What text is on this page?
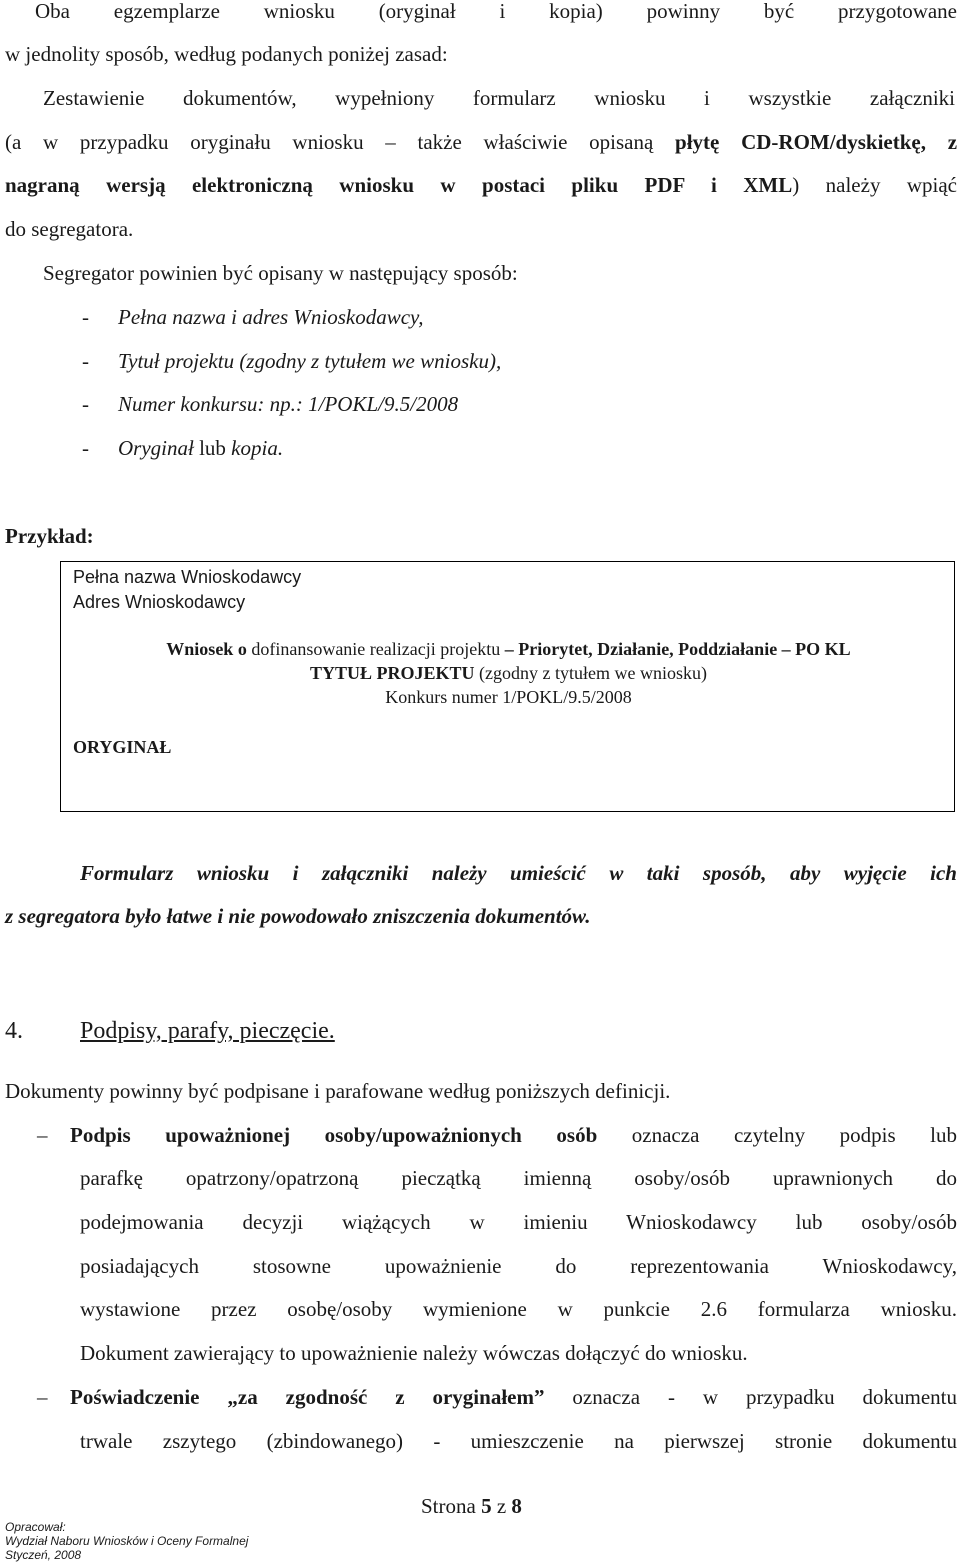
Oba egzemplarze wniosku (oryginał i kopia) powinny być przygotowane
w jednolity sposób, według podanych poniżej zasad:
Zestawienie dokumentów, wypełniony formularz wniosku i wszystkie załączniki
(a w przypadku oryginału wniosku – także właściwie opisaną płytę CD-ROM/dyskietkę, z
nagraną wersją elektroniczną wniosku w postaci pliku PDF i XML) należy wpiąć
do segregatora.
Segregator powinien być opisany w następujący sposób:
- Pełna nazwa i adres Wnioskodawcy,
- Tytuł projektu (zgodny z tytułem we wniosku),
- Numer konkursu: np.: 1/POKL/9.5/2008
- Oryginał lub kopia.
Przykład:
Pełna nazwa Wnioskodawcy
Adres Wnioskodawcy
Wniosek o dofinansowanie realizacji projektu – Priorytet, Działanie, Poddziałanie – PO KL
TYTUŁ PROJEKTU (zgodny z tytułem we wniosku)
Konkurs numer 1/POKL/9.5/2008
ORYGINAŁ
Formularz wniosku i załączniki należy umieścić w taki sposób, aby wyjęcie ich
z segregatora było łatwe i nie powodowało zniszczenia dokumentów.
4. Podpisy, parafy, pieczęcie.
Dokumenty powinny być podpisane i parafowane według poniższych definicji.
– Podpis upoważnionej osoby/upoważnionych osób oznacza czytelny podpis lub
parafkę opatrzony/opatrzoną pieczątką imienną osoby/osób uprawnionych do
podejmowania decyzji wiążących w imieniu Wnioskodawcy lub osoby/osób
posiadających stosowne upoważnienie do reprezentowania Wnioskodawcy,
wystawione przez osobę/osoby wymienione w punkcie 2.6 formularza wniosku.
Dokument zawierający to upoważnienie należy wówczas dołączyć do wniosku.
– Poświadczenie „za zgodność z oryginałem” oznacza - w przypadku dokumentu
trwale zszytego (zbindowanego) - umieszczenie na pierwszej stronie dokumentu
Strona 5 z 8
Opracował:
Wydział Naboru Wniosków i Oceny Formalnej
Styczeń, 2008
